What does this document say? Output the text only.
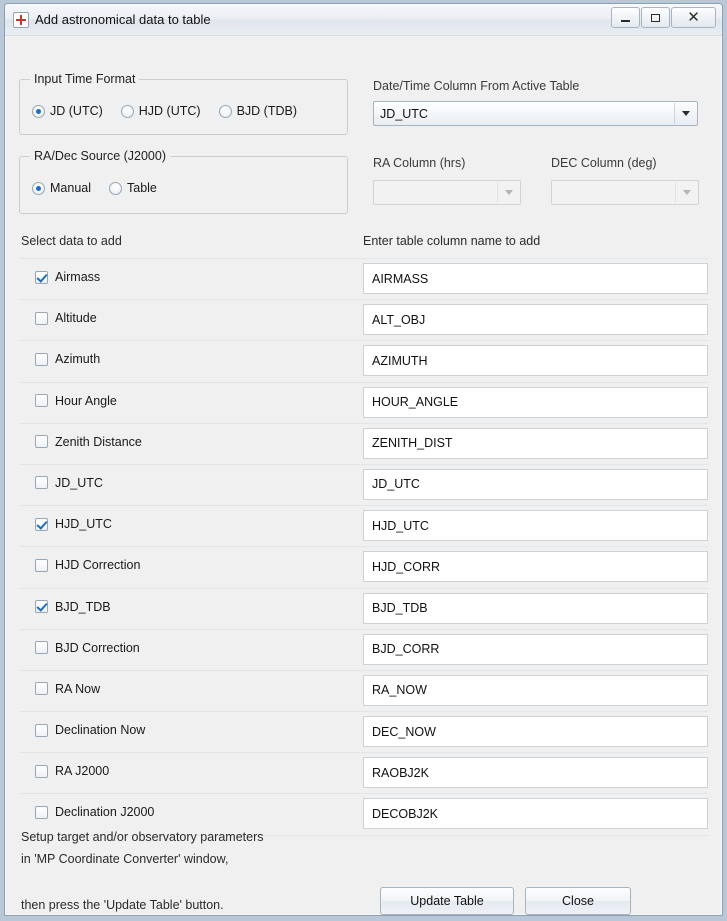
Add astronomical data to table	✕
Input Time Format
JD (UTC)	HJD (UTC)	BJD (TDB)
RA/Dec Source (J2000)
Manual	Table
Date/Time Column From Active Table
JD_UTC
RA Column (hrs)	DEC Column (deg)
Select data to add	Enter table column name to add
Airmass	AIRMASS
Altitude	ALT_OBJ
Azimuth	AZIMUTH
Hour Angle	HOUR_ANGLE
Zenith Distance	ZENITH_DIST
JD_UTC	JD_UTC
HJD_UTC	HJD_UTC
HJD Correction	HJD_CORR
BJD_TDB	BJD_TDB
BJD Correction	BJD_CORR
RA Now	RA_NOW
Declination Now	DEC_NOW
RA J2000	RAOBJ2K
Declination J2000	DECOBJ2K
Setup target and/or observatory parameters
in 'MP Coordinate Converter' window,
then press the 'Update Table' button.	Update Table	Close
